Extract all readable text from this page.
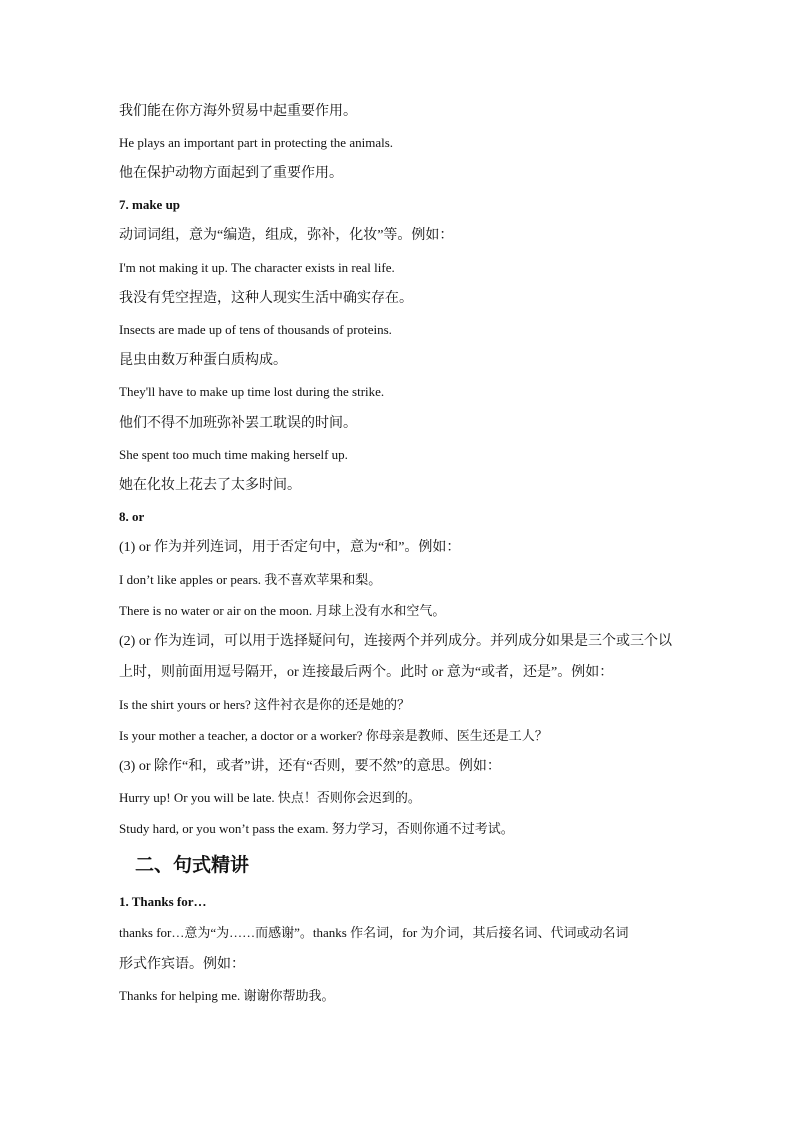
我们能在你方海外贸易中起重要作用。
He plays an important part in protecting the animals.
他在保护动物方面起到了重要作用。
7. make up
动词词组，意为“编造，组成，弥补，化妆”等。例如：
I'm not making it up. The character exists in real life.
我没有凭空捏造，这种人现实生活中确实存在。
Insects are made up of tens of thousands of proteins.
昆虫由数万种蛋白质构成。
They'll have to make up time lost during the strike.
他们不得不加班弥补罢工耽误的时间。
She spent too much time making herself up.
她在化妆上花去了太多时间。
8. or
(1) or 作为并列连词，用于否定句中，意为“和”。例如：
I don’t like apples or pears. 我不喜欢苹果和梨。
There is no water or air on the moon. 月球上没有水和空气。
(2) or 作为连词，可以用于选择疑问句，连接两个并列成分。并列成分如果是三个或三个以
上时，则前面用逗号隔开，or 连接最后两个。此时 or 意为“或者，还是”。例如：
Is the shirt yours or hers? 这件衬衣是你的还是她的？
Is your mother a teacher, a doctor or a worker? 你母亲是教师、医生还是工人？
(3) or 除作“和，或者”讲，还有“否则，要不然”的意思。例如：
Hurry up! Or you will be late. 快点！否则你会迟到的。
Study hard, or you won’t pass the exam. 努力学习，否则你通不过考试。
二、句式精讲
1. Thanks for…
thanks for…意为“为……而感谢”。thanks 作名词，for 为介词，其后接名词、代词或动名词
形式作宾语。例如：
Thanks for helping me. 谢谢你帮助我。
